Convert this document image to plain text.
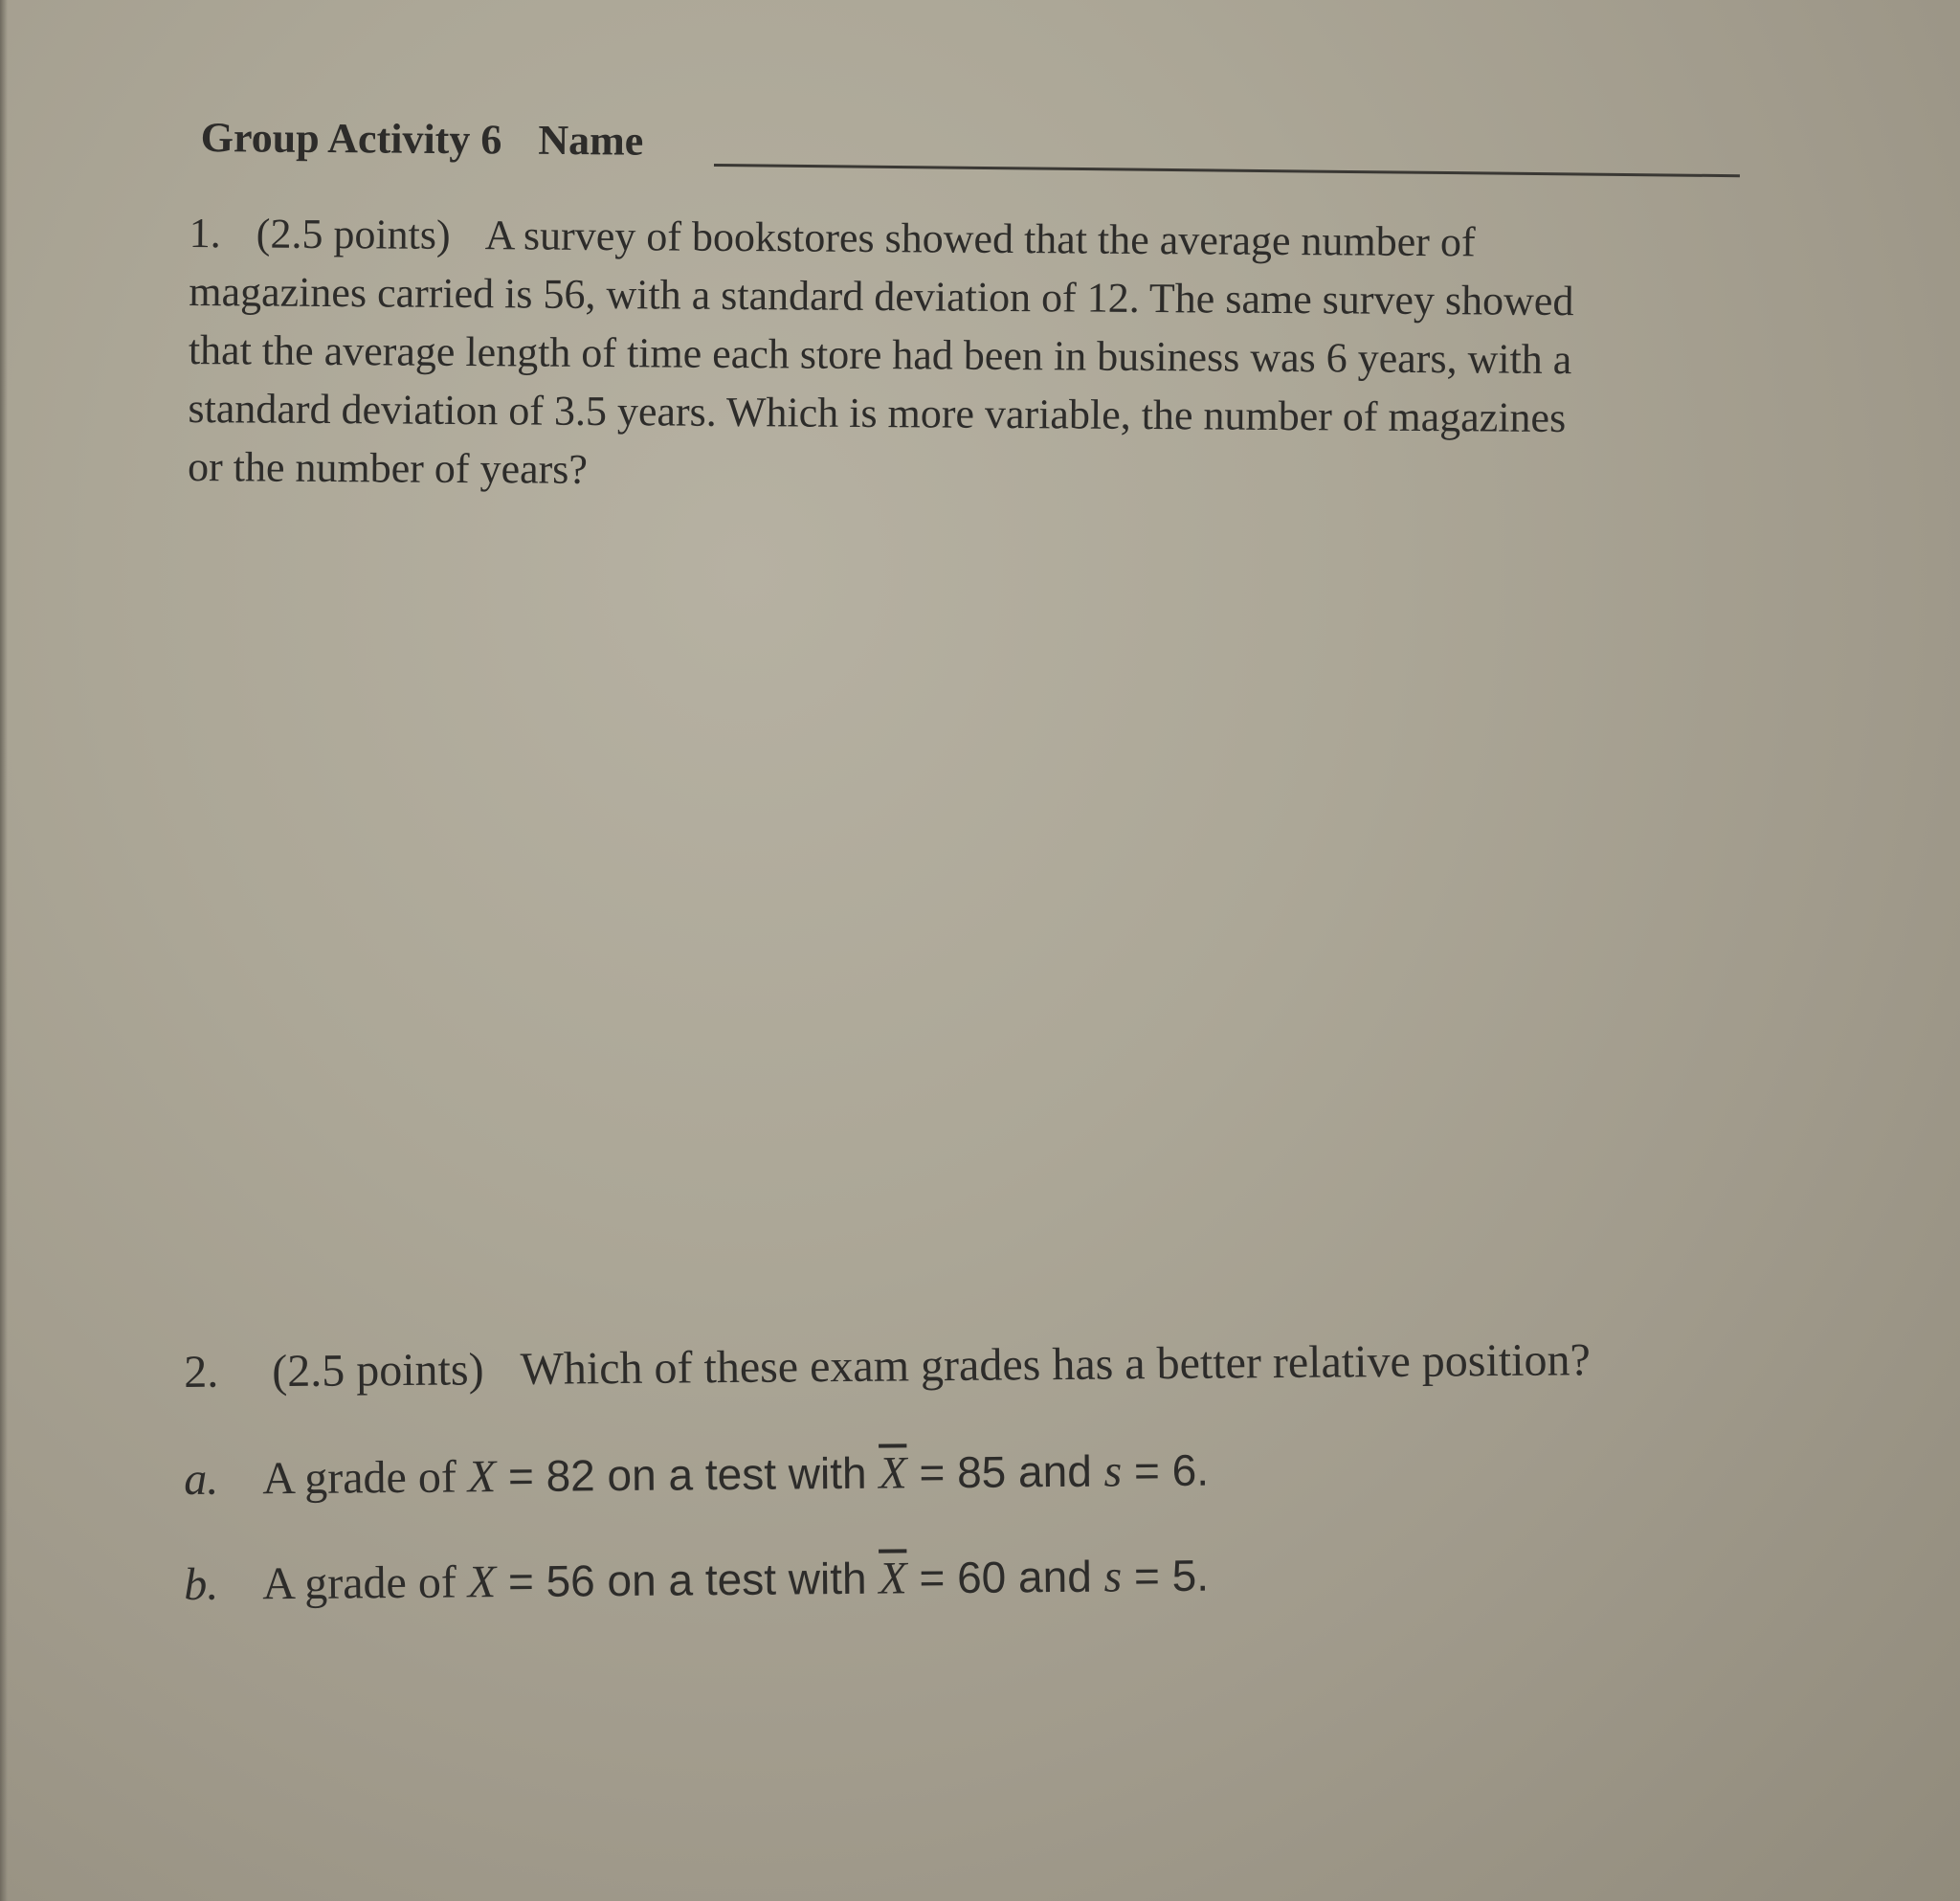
Group Activity 6 Name
1. (2.5 points) A survey of bookstores showed that the average number of
magazines carried is 56, with a standard deviation of 12. The same survey showed
that the average length of time each store had been in business was 6 years, with a
standard deviation of 3.5 years. Which is more variable, the number of magazines
or the number of years?
2. (2.5 points) Which of these exam grades has a better relative position?
a. A grade of X = 82 on a test with $\overline{X} = 85$ and s = 6.
b. A grade of X = 56 on a test with $\overline{X} = 60$ and s = 5.
